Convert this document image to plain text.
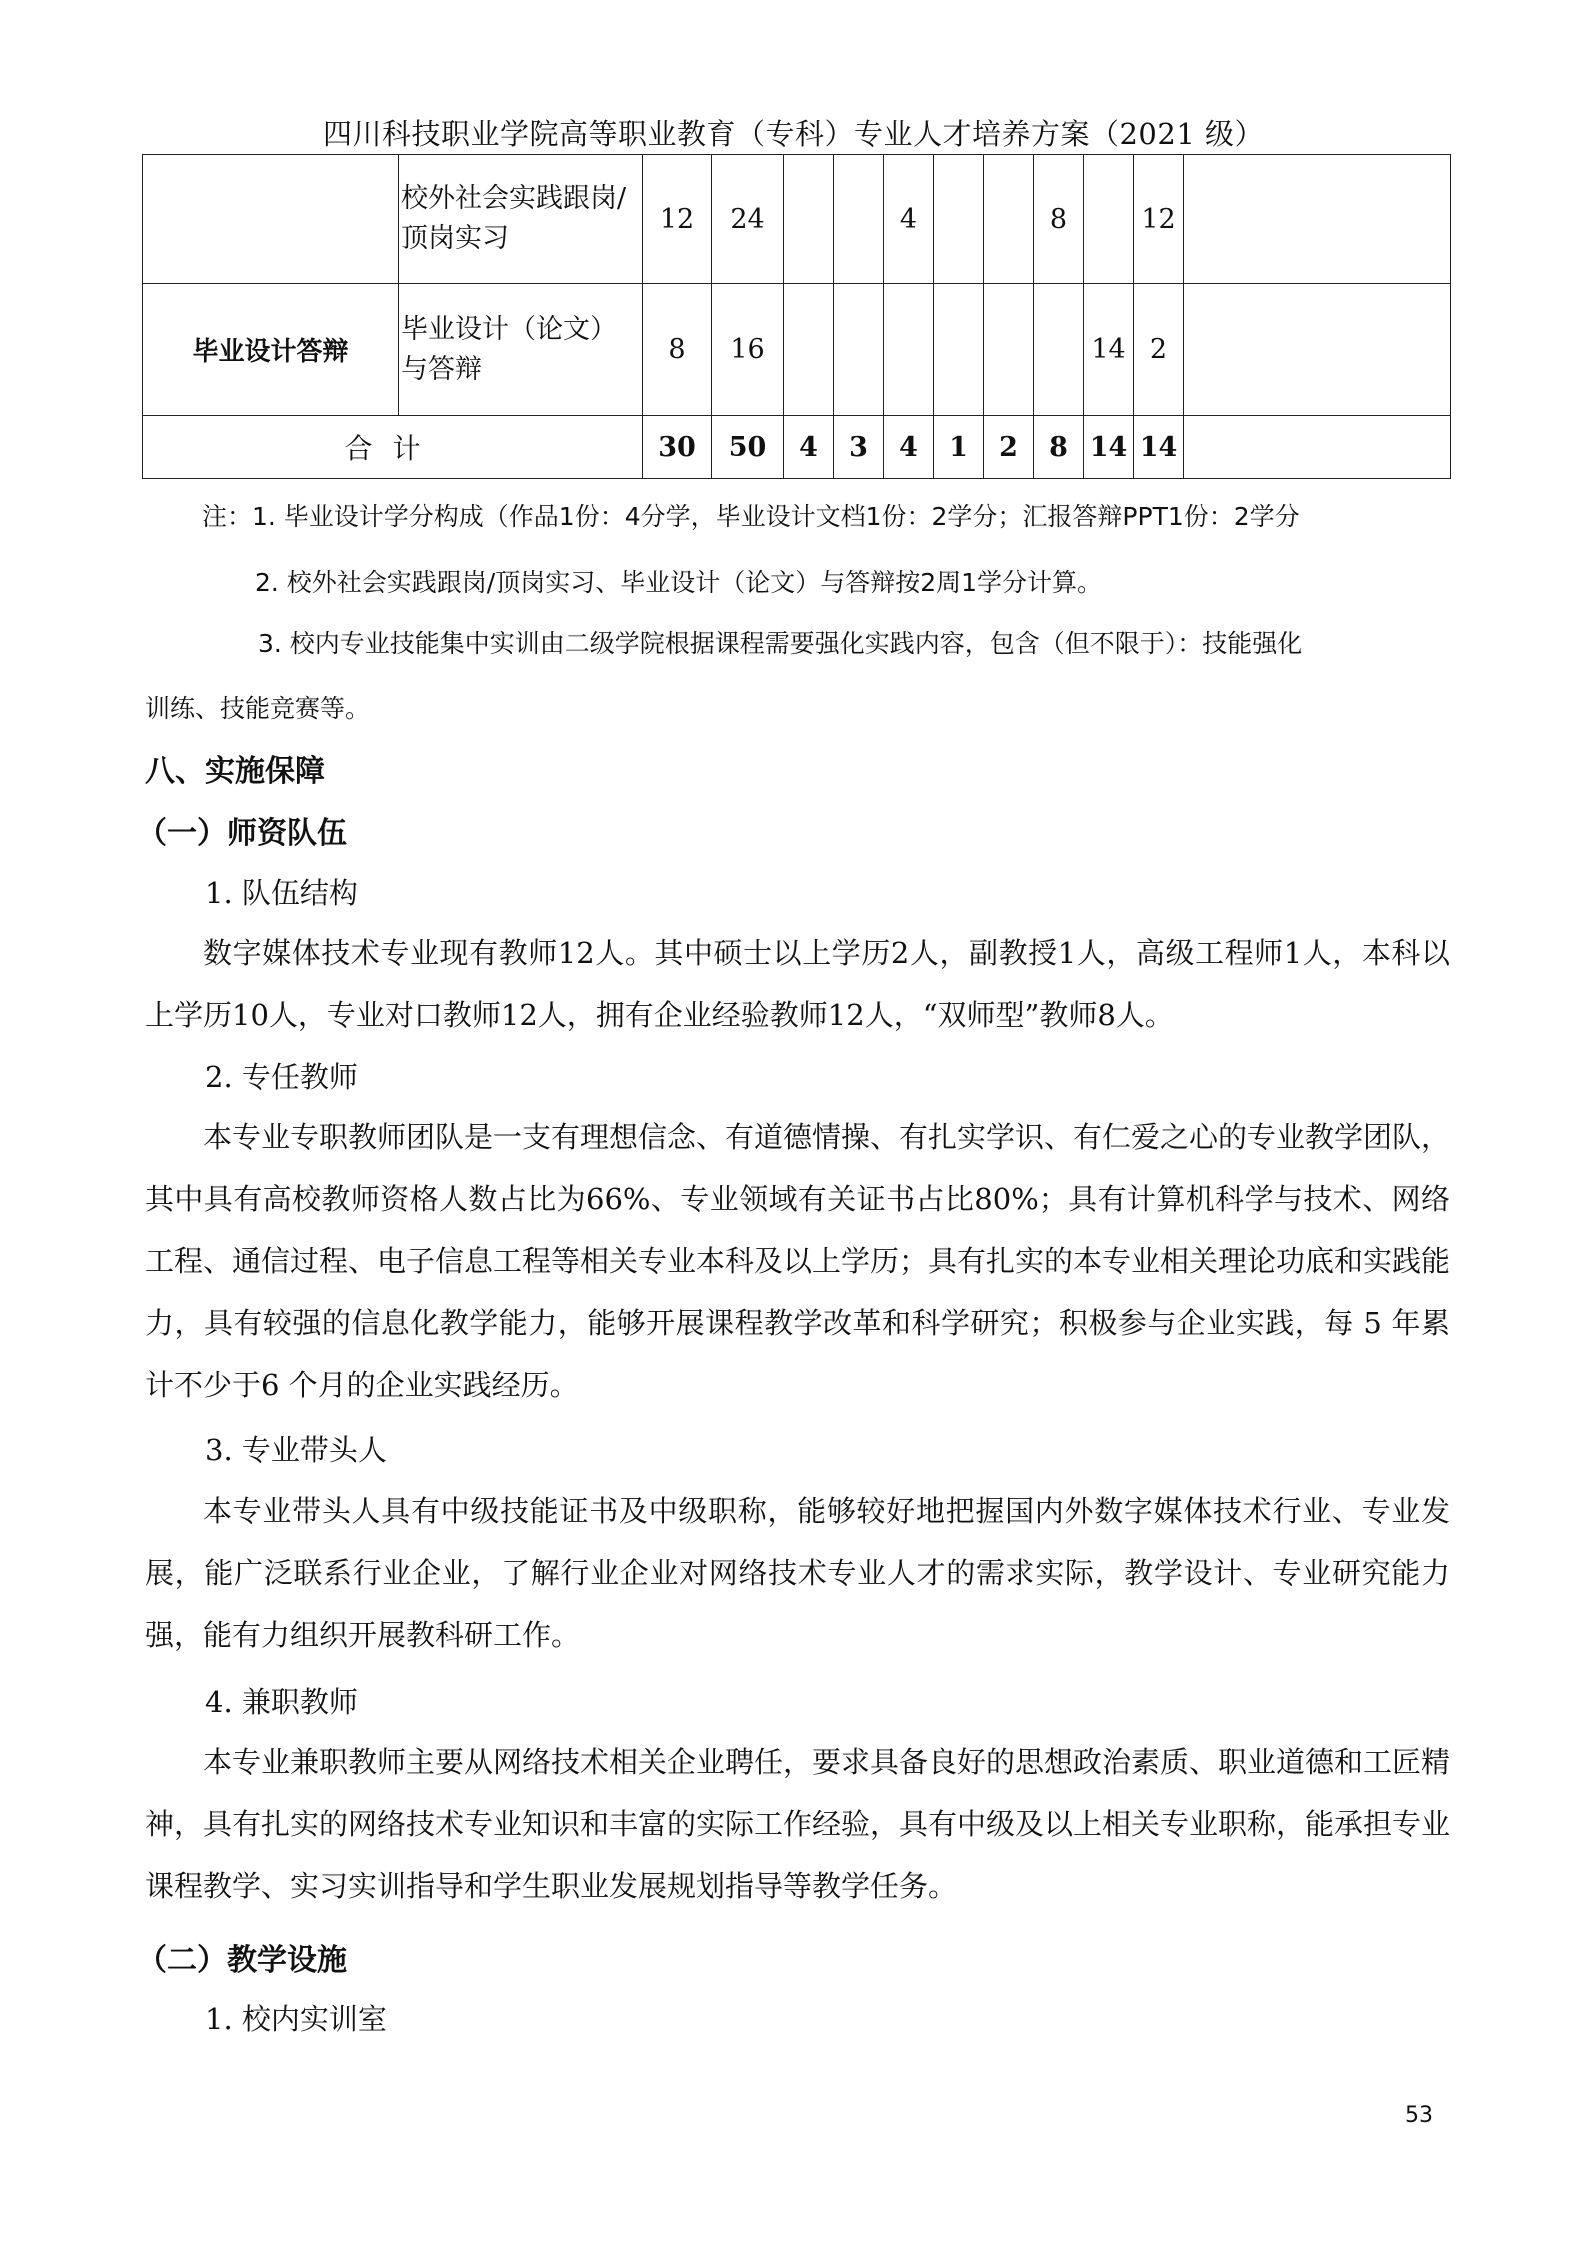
四川科技职业学院高等职业教育（专科）专业人才培养方案（2021 级）
	校外社会实践跟岗/顶岗实习	12	24			4			8		12	
毕业设计答辩	毕业设计（论文）与答辩	8	16							14	2	
合计		30	50	4	3	4	1	2	8	14	14	
注：1. 毕业设计学分构成（作品1份：4分学，毕业设计文档1份：2学分；汇报答辩PPT1份：2学分
2. 校外社会实践跟岗/顶岗实习、毕业设计（论文）与答辩按2周1学分计算。
3. 校内专业技能集中实训由二级学院根据课程需要强化实践内容，包含（但不限于）：技能强化
训练、技能竞赛等。
八、实施保障
（一）师资队伍
1. 队伍结构

数字媒体技术专业现有教师12人。其中硕士以上学历2人，副教授1人，高级工程师1人，本科以上学历10人，专业对口教师12人，拥有企业经验教师12人，“双师型”教师8人。

2. 专任教师

本专业专职教师团队是一支有理想信念、有道德情操、有扎实学识、有仁爱之心的专业教学团队，其中具有高校教师资格人数占比为66%、专业领域有关证书占比80%；具有计算机科学与技术、网络工程、通信过程、电子信息工程等相关专业本科及以上学历；具有扎实的本专业相关理论功底和实践能力，具有较强的信息化教学能力，能够开展课程教学改革和科学研究；积极参与企业实践，每 5 年累计不少于6 个月的企业实践经历。

3. 专业带头人

本专业带头人具有中级技能证书及中级职称，能够较好地把握国内外数字媒体技术行业、专业发展，能广泛联系行业企业，了解行业企业对网络技术专业人才的需求实际，教学设计、专业研究能力强，能有力组织开展教科研工作。

4. 兼职教师

本专业兼职教师主要从网络技术相关企业聘任，要求具备良好的思想政治素质、职业道德和工匠精神，具有扎实的网络技术专业知识和丰富的实际工作经验，具有中级及以上相关专业职称，能承担专业课程教学、实习实训指导和学生职业发展规划指导等教学任务。

（二）教学设施
1. 校内实训室
53
